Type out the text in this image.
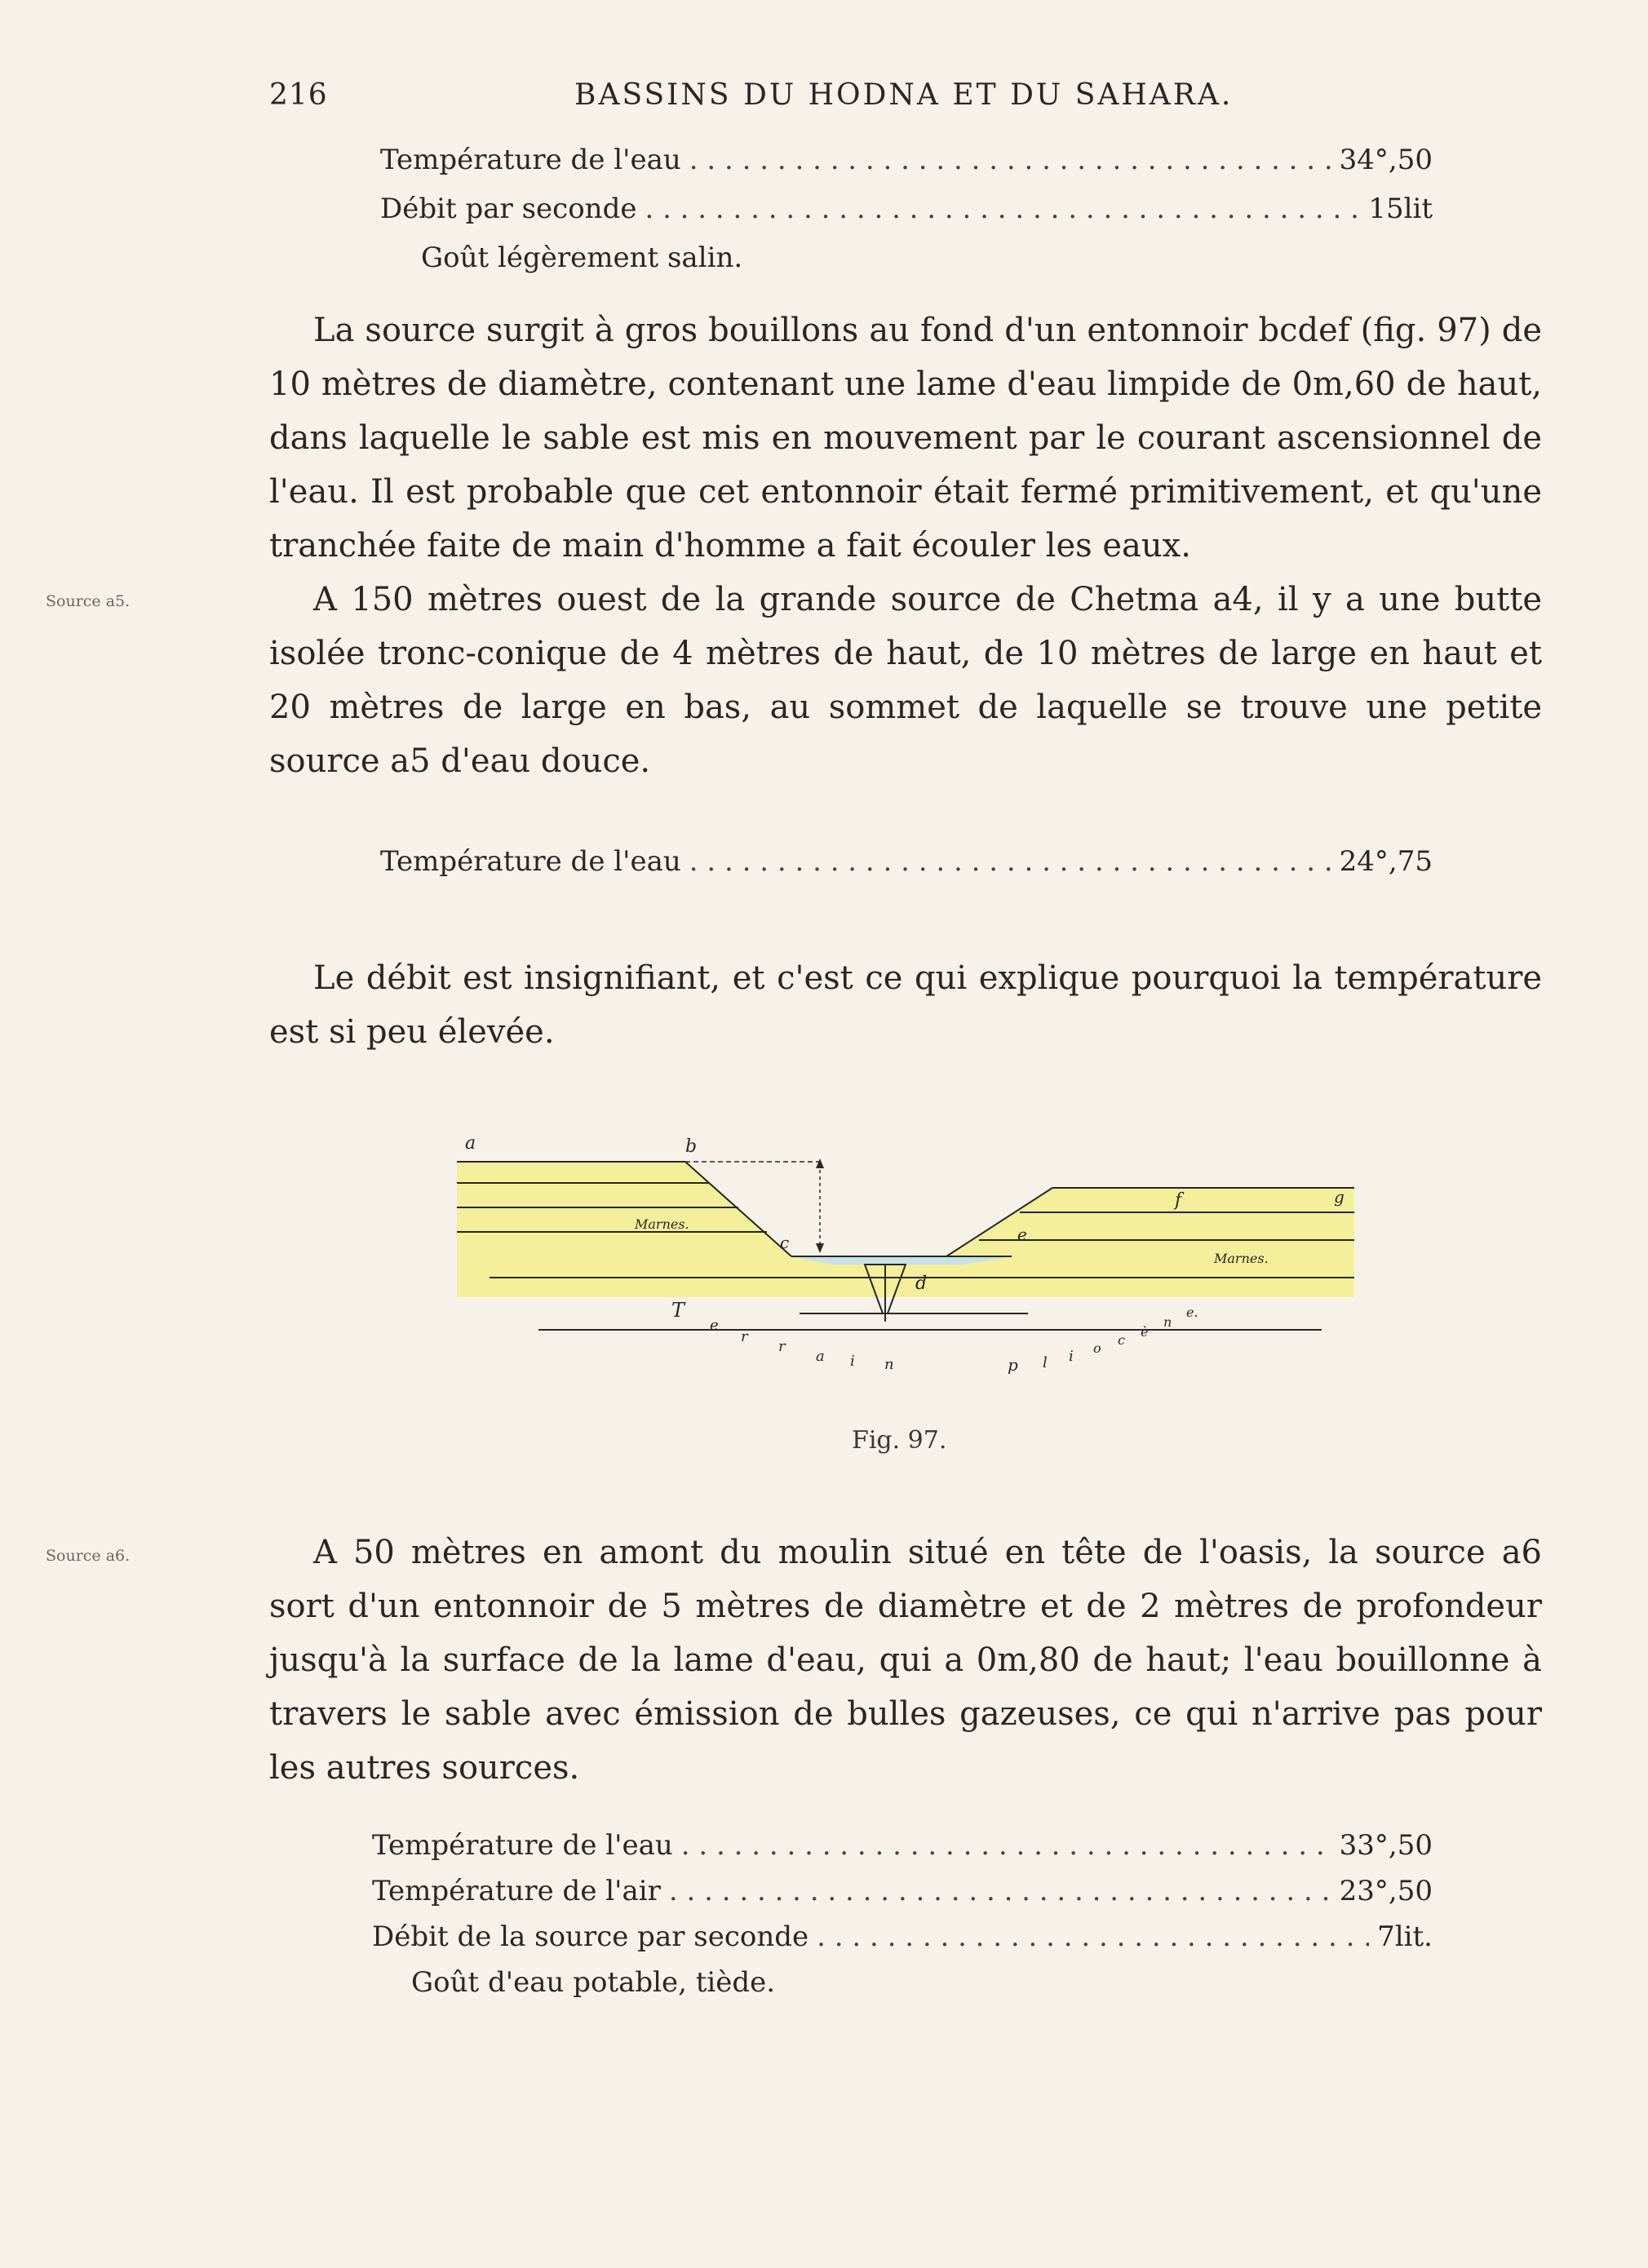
216	BASSINS DU HODNA ET DU SAHARA.
Température de l'eau . . .	34°,50
Débit par seconde . . .	15lit
Goût légèrement salin.
La source surgit à gros bouillons au fond d'un entonnoir bcdef (fig. 97) de
10 mètres de diamètre, contenant une lame d'eau limpide de 0m,60 de haut,
dans laquelle le sable est mis en mouvement par le courant ascensionnel de
l'eau. Il est probable que cet entonnoir était fermé primitivement, et qu'une
tranchée faite de main d'homme a fait écouler les eaux.
Source a5.	A 150 mètres ouest de la grande source de Chetma a4, il y a une butte
isolée tronc-conique de 4 mètres de haut, de 10 mètres de large en haut et
20 mètres de large en bas, au sommet de laquelle se trouve une petite
source a5 d'eau douce.
Température de l'eau . . .	24°,75
Le débit est insignifiant, et c'est ce qui explique pourquoi la température
est si peu élevée.
a	b
c
d
e
f	g
Marnes.
Marnes.
T
e
r
r
a i n	p l i o
c
è
n
e.
Fig. 97.
Source a6.	A 50 mètres en amont du moulin situé en tête de l'oasis, la source a6
sort d'un entonnoir de 5 mètres de diamètre et de 2 mètres de profondeur
jusqu'à la surface de la lame d'eau, qui a 0m,80 de haut; l'eau bouillonne à
travers le sable avec émission de bulles gazeuses, ce qui n'arrive pas pour
les autres sources.
Température de l'eau . . .	33°,50
Température de l'air . . .	23°,50
Débit de la source par seconde . . .	7lit.
Goût d'eau potable, tiède.
